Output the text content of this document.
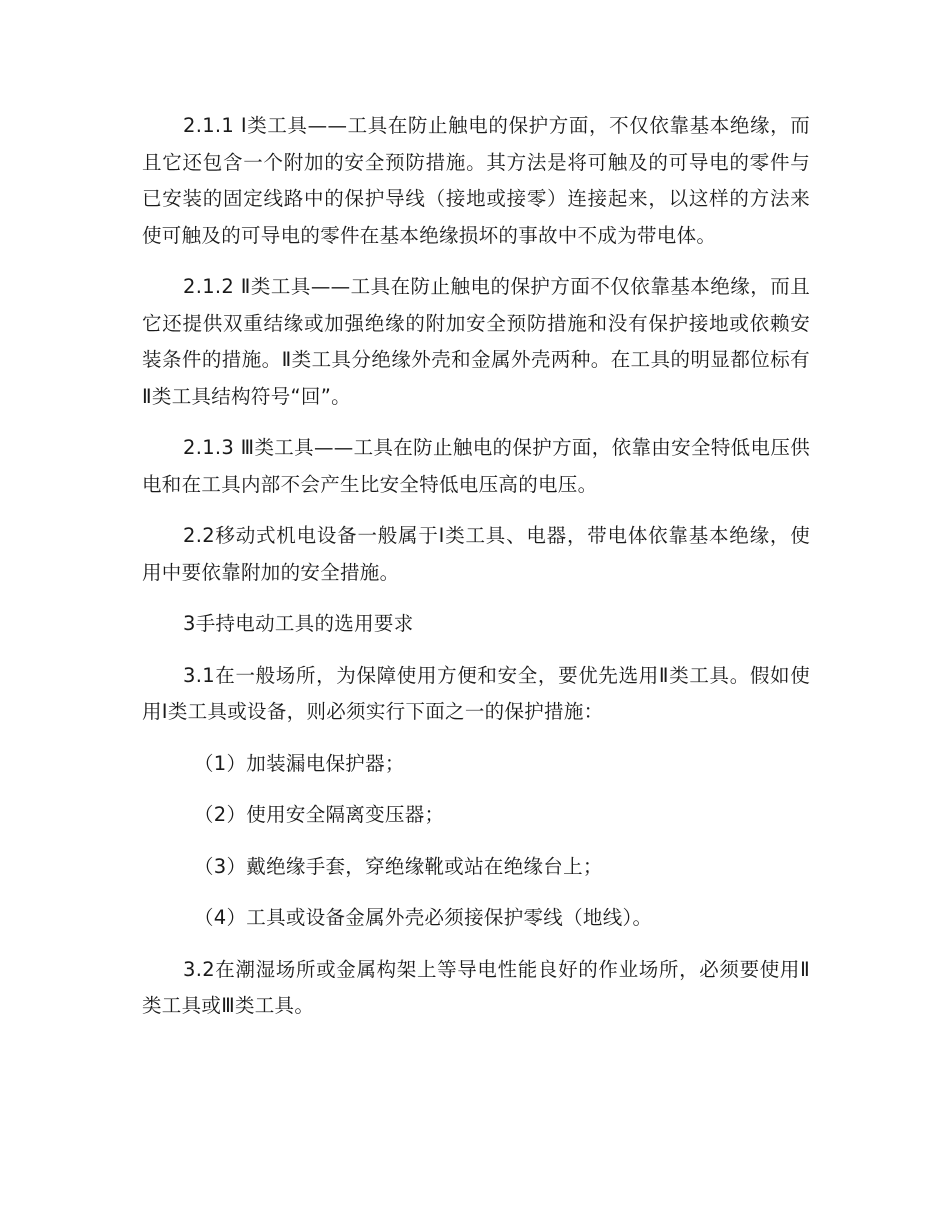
2.1.1 Ⅰ类工具——工具在防止触电的保护方面，不仅依靠基本绝缘，而且它还包含一个附加的安全预防措施。其方法是将可触及的可导电的零件与已安装的固定线路中的保护导线（接地或接零）连接起来，以这样的方法来使可触及的可导电的零件在基本绝缘损坏的事故中不成为带电体。

2.1.2 Ⅱ类工具——工具在防止触电的保护方面不仅依靠基本绝缘，而且它还提供双重结缘或加强绝缘的附加安全预防措施和没有保护接地或依赖安装条件的措施。Ⅱ类工具分绝缘外壳和金属外壳两种。在工具的明显都位标有Ⅱ类工具结构符号“回”。

2.1.3 Ⅲ类工具——工具在防止触电的保护方面，依靠由安全特低电压供电和在工具内部不会产生比安全特低电压高的电压。

2.2移动式机电设备一般属于Ⅰ类工具、电器，带电体依靠基本绝缘，使用中要依靠附加的安全措施。

3手持电动工具的选用要求

3.1在一般场所，为保障使用方便和安全，要优先选用Ⅱ类工具。假如使用Ⅰ类工具或设备，则必须实行下面之一的保护措施：

（1）加装漏电保护器；

（2）使用安全隔离变压器；

（3）戴绝缘手套，穿绝缘靴或站在绝缘台上；

（4）工具或设备金属外壳必须接保护零线（地线）。

3.2在潮湿场所或金属构架上等导电性能良好的作业场所，必须要使用Ⅱ类工具或Ⅲ类工具。
